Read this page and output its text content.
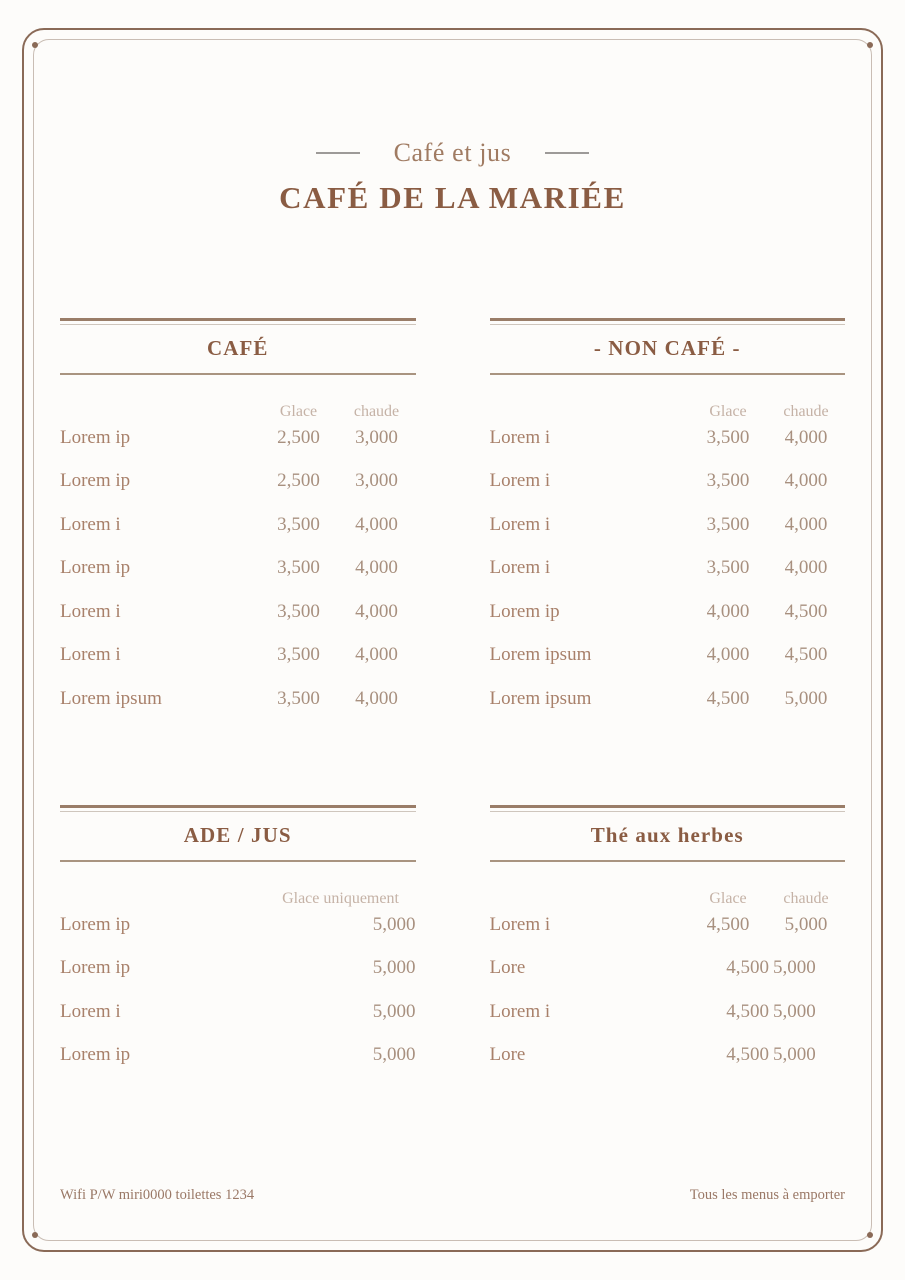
Café et jus
CAFÉ DE LA MARIÉE
CAFÉ
Glace	chaude
Lorem ip	2,500	3,000
Lorem ip	2,500	3,000
Lorem i	3,500	4,000
Lorem ip	3,500	4,000
Lorem i	3,500	4,000
Lorem i	3,500	4,000
Lorem ipsum	3,500	4,000
- NON CAFÉ -
Glace	chaude
Lorem i	3,500	4,000
Lorem i	3,500	4,000
Lorem i	3,500	4,000
Lorem i	3,500	4,000
Lorem ip	4,000	4,500
Lorem ipsum	4,000	4,500
Lorem ipsum	4,500	5,000
ADE / JUS
Glace uniquement
Lorem ip	5,000
Lorem ip	5,000
Lorem i	5,000
Lorem ip	5,000
Thé aux herbes
Glace	chaude
Lorem i	4,500	5,000
Lore	4,500 5,000
Lorem i	4,500 5,000
Lore	4,500 5,000
Wifi P/W miri0000 toilettes 1234	Tous les menus à emporter
